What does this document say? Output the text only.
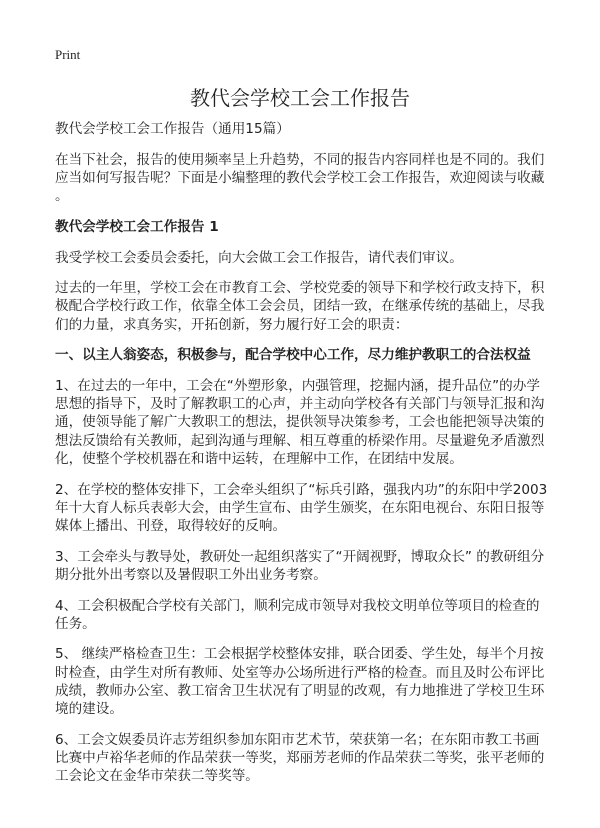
Print
教代会学校工会工作报告
教代会学校工会工作报告（通用15篇）
在当下社会，报告的使用频率呈上升趋势，不同的报告内容同样也是不同的。我们
应当如何写报告呢？下面是小编整理的教代会学校工会工作报告，欢迎阅读与收藏
。
教代会学校工会工作报告 1
我受学校工会委员会委托，向大会做工会工作报告，请代表们审议。
过去的一年里，学校工会在市教育工会、学校党委的领导下和学校行政支持下，积
极配合学校行政工作，依靠全体工会会员，团结一致，在继承传统的基础上，尽我
们的力量，求真务实，开拓创新，努力履行好工会的职责：
一、以主人翁姿态，积极参与，配合学校中心工作，尽力维护教职工的合法权益
1、在过去的一年中，工会在“外塑形象，内强管理，挖掘内涵，提升品位”的办学
思想的指导下，及时了解教职工的心声，并主动向学校各有关部门与领导汇报和沟
通，使领导能了解广大教职工的想法，提供领导决策参考，工会也能把领导决策的
想法反馈给有关教师，起到沟通与理解、相互尊重的桥梁作用。尽量避免矛盾激烈
化，使整个学校机器在和谐中运转，在理解中工作，在团结中发展。
2、在学校的整体安排下，工会牵头组织了“标兵引路，强我内功”的东阳中学2003
年十大育人标兵表彰大会，由学生宣布、由学生颁奖，在东阳电视台、东阳日报等
媒体上播出、刊登，取得较好的反响。
3、工会牵头与教导处，教研处一起组织落实了“开阔视野，博取众长” 的教研组分
期分批外出考察以及暑假职工外出业务考察。
4、工会积极配合学校有关部门，顺利完成市领导对我校文明单位等项目的检查的
任务。
5、 继续严格检查卫生：工会根据学校整体安排，联合团委、学生处，每半个月按
时检查，由学生对所有教师、处室等办公场所进行严格的检查。而且及时公布评比
成绩，教师办公室、教工宿舍卫生状况有了明显的改观，有力地推进了学校卫生环
境的建设。
6、工会文娱委员许志芳组织参加东阳市艺术节，荣获第一名；在东阳市教工书画
比赛中卢裕华老师的作品荣获一等奖，郑丽芳老师的作品荣获二等奖，张平老师的
工会论文在金华市荣获二等奖等。
